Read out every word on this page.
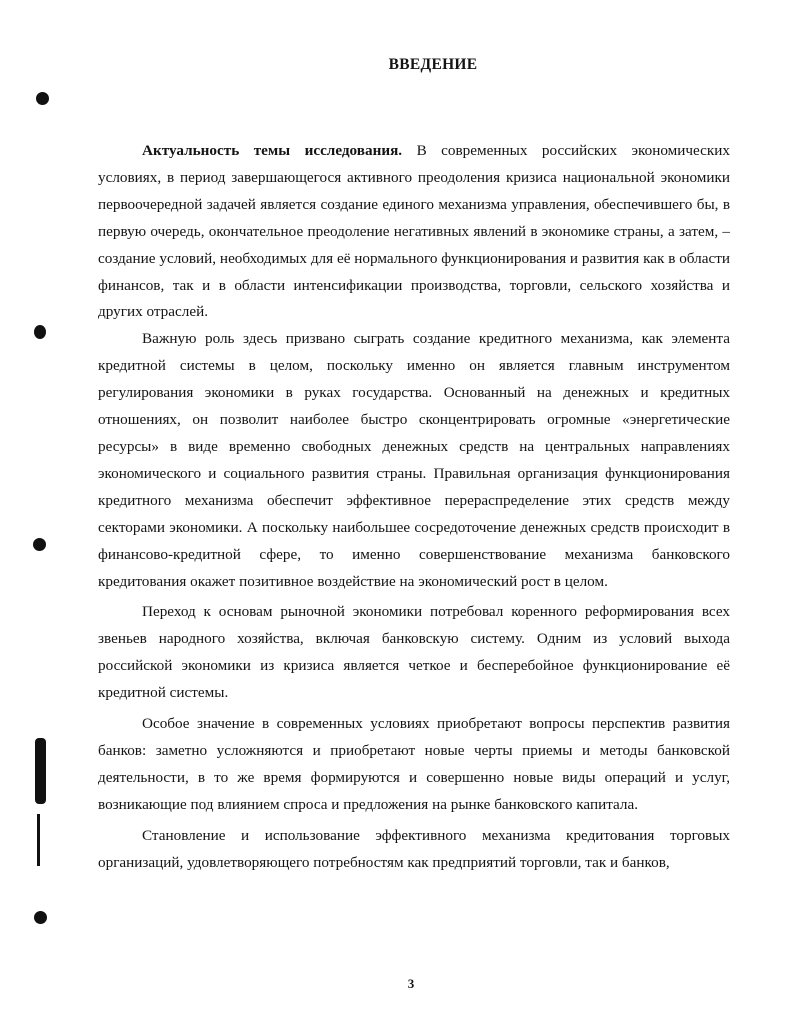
ВВЕДЕНИЕ

Актуальность темы исследования. В современных российских экономических условиях, в период завершающегося активного преодоления кризиса национальной экономики первоочередной задачей является создание единого механизма управления, обеспечившего бы, в первую очередь, окончательное преодоление негативных явлений в экономике страны, а затем, – создание условий, необходимых для её нормального функционирования и развития как в области финансов, так и в области интенсификации производства, торговли, сельского хозяйства и других отраслей.

Важную роль здесь призвано сыграть создание кредитного механизма, как элемента кредитной системы в целом, поскольку именно он является главным инструментом регулирования экономики в руках государства. Основанный на денежных и кредитных отношениях, он позволит наиболее быстро сконцентрировать огромные «энергетические ресурсы» в виде временно свободных денежных средств на центральных направлениях экономического и социального развития страны. Правильная организация функционирования кредитного механизма обеспечит эффективное перераспределение этих средств между секторами экономики. А поскольку наибольшее сосредоточение денежных средств происходит в финансово-кредитной сфере, то именно совершенствование механизма банковского кредитования окажет позитивное воздействие на экономический рост в целом.

Переход к основам рыночной экономики потребовал коренного реформирования всех звеньев народного хозяйства, включая банковскую систему. Одним из условий выхода российской экономики из кризиса является четкое и бесперебойное функционирование её кредитной системы.

Особое значение в современных условиях приобретают вопросы перспектив развития банков: заметно усложняются и приобретают новые черты приемы и методы банковской деятельности, в то же время формируются и совершенно новые виды операций и услуг, возникающие под влиянием спроса и предложения на рынке банковского капитала.

Становление и использование эффективного механизма кредитования торговых организаций, удовлетворяющего потребностям как предприятий торговли, так и банков,

3
